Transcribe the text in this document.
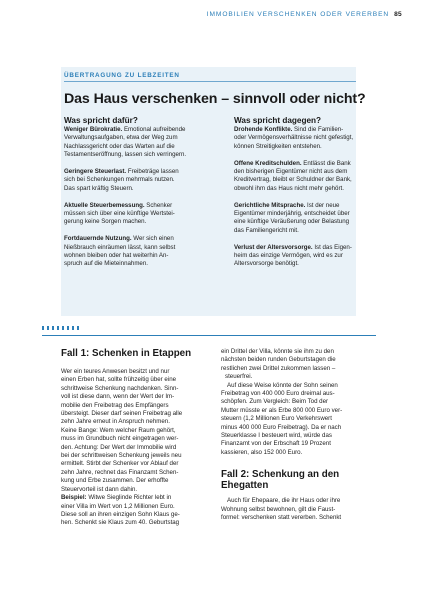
IMMOBILIEN VERSCHENKEN ODER VERERBEN 85
ÜBERTRAGUNG ZU LEBZEITEN
Das Haus verschenken – sinnvoll oder nicht?
Was spricht dafür?
Weniger Bürokratie. Emotional aufreibende
Verwaltungsaufgaben, etwa der Weg zum
Nachlassgericht oder das Warten auf die
Testamentseröffnung, lassen sich verringern.
Geringere Steuerlast. Freibeträge lassen
sich bei Schenkungen mehrmals nutzen.
Das spart kräftig Steuern.
Aktuelle Steuerbemessung. Schenker
müssen sich über eine künftige Wertstei-
gerung keine Sorgen machen.
Fortdauernde Nutzung. Wer sich einen
Nießbrauch einräumen lässt, kann selbst
wohnen bleiben oder hat weiterhin An-
spruch auf die Mieteinnahmen.
Was spricht dagegen?
Drohende Konflikte. Sind die Familien-
oder Vermögensverhältnisse nicht gefestigt,
können Streitigkeiten entstehen.
Offene Kreditschulden. Entlässt die Bank
den bisherigen Eigentümer nicht aus dem
Kreditvertrag, bleibt er Schuldner der Bank,
obwohl ihm das Haus nicht mehr gehört.
Gerichtliche Mitsprache. Ist der neue
Eigentümer minderjährig, entscheidet über
eine künftige Veräußerung oder Belastung
das Familiengericht mit.
Verlust der Altersvorsorge. Ist das Eigen-
heim das einzige Vermögen, wird es zur
Altersvorsorge benötigt.
Fall 1: Schenken in Etappen
Wer ein teures Anwesen besitzt und nur
einen Erben hat, sollte frühzeitig über eine
schrittweise Schenkung nachdenken. Sinn-
voll ist diese dann, wenn der Wert der Im-
mobilie den Freibetrag des Empfängers
übersteigt. Dieser darf seinen Freibetrag alle
zehn Jahre erneut in Anspruch nehmen.
Keine Bange: Wem welcher Raum gehört,
muss im Grundbuch nicht eingetragen wer-
den. Achtung: Der Wert der Immobilie wird
bei der schrittweisen Schenkung jeweils neu
ermittelt. Stirbt der Schenker vor Ablauf der
zehn Jahre, rechnet das Finanzamt Schen-
kung und Erbe zusammen. Der erhoffte
Steuervorteil ist dann dahin.
Beispiel: Witwe Sieglinde Richter lebt in
einer Villa im Wert von 1,2 Millionen Euro.
Diese soll an ihren einzigen Sohn Klaus ge-
hen. Schenkt sie Klaus zum 40. Geburtstag
ein Drittel der Villa, könnte sie ihm zu den
nächsten beiden runden Geburtstagen die
restlichen zwei Drittel zukommen lassen –
steuerfrei.
Auf diese Weise könnte der Sohn seinen
Freibetrag von 400 000 Euro dreimal aus-
schöpfen. Zum Vergleich: Beim Tod der
Mutter müsste er als Erbe 800 000 Euro ver-
steuern (1,2 Millionen Euro Verkehrswert
minus 400 000 Euro Freibetrag). Da er nach
Steuerklasse I besteuert wird, würde das
Finanzamt von der Erbschaft 19 Prozent
kassieren, also 152 000 Euro.
Fall 2: Schenkung an den
Ehegatten
Auch für Ehepaare, die ihr Haus oder ihre
Wohnung selbst bewohnen, gilt die Faust-
formel: verschenken statt vererben. Schenkt
